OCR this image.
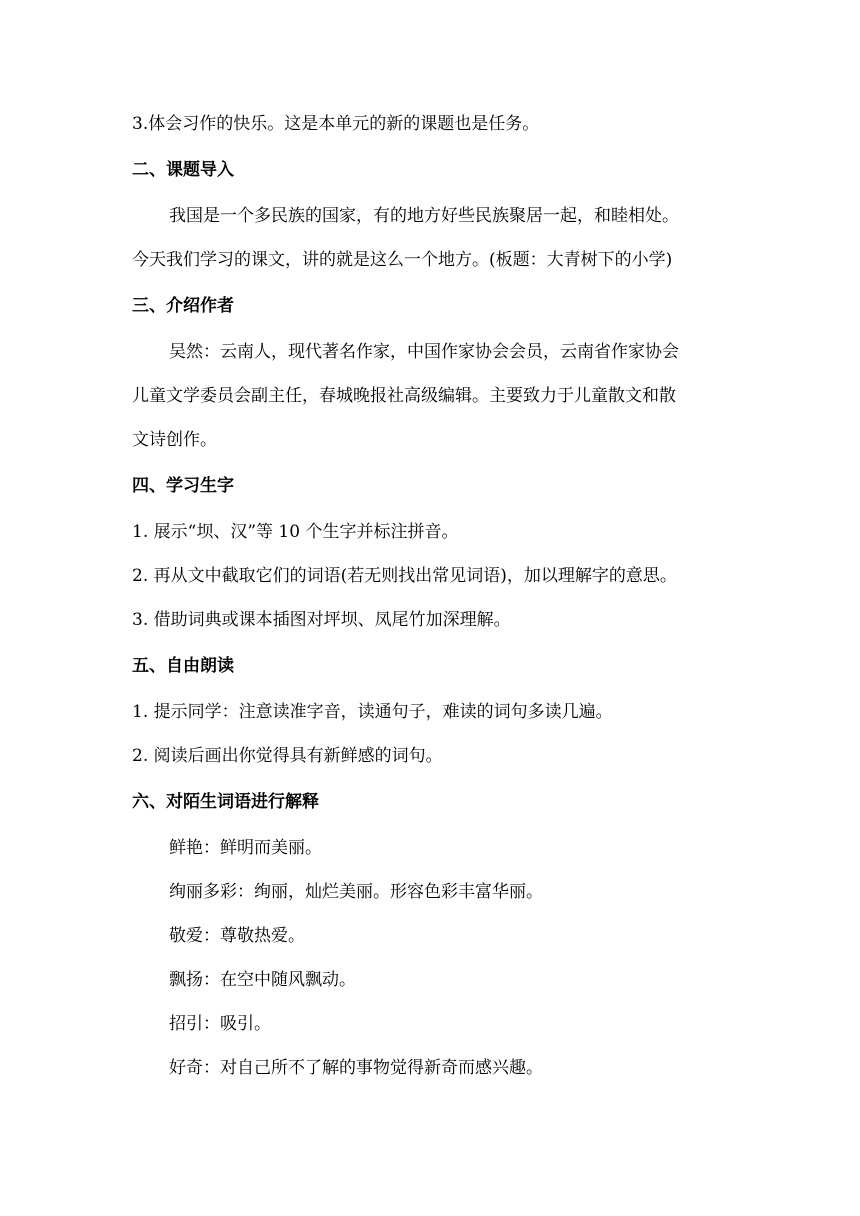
3.体会习作的快乐。这是本单元的新的课题也是任务。

二、课题导入

我国是一个多民族的国家，有的地方好些民族聚居一起，和睦相处。

今天我们学习的课文，讲的就是这么一个地方。(板题：大青树下的小学)

三、介绍作者

吴然：云南人，现代著名作家，中国作家协会会员，云南省作家协会

儿童文学委员会副主任，春城晚报社高级编辑。主要致力于儿童散文和散

文诗创作。

四、学习生字

1. 展示“坝、汉”等 10 个生字并标注拼音。

2. 再从文中截取它们的词语(若无则找出常见词语)，加以理解字的意思。

3. 借助词典或课本插图对坪坝、凤尾竹加深理解。

五、自由朗读

1. 提示同学：注意读准字音，读通句子，难读的词句多读几遍。

2. 阅读后画出你觉得具有新鲜感的词句。

六、对陌生词语进行解释

鲜艳：鲜明而美丽。

绚丽多彩：绚丽，灿烂美丽。形容色彩丰富华丽。

敬爱：尊敬热爱。

飘扬：在空中随风飘动。

招引：吸引。

好奇：对自己所不了解的事物觉得新奇而感兴趣。
